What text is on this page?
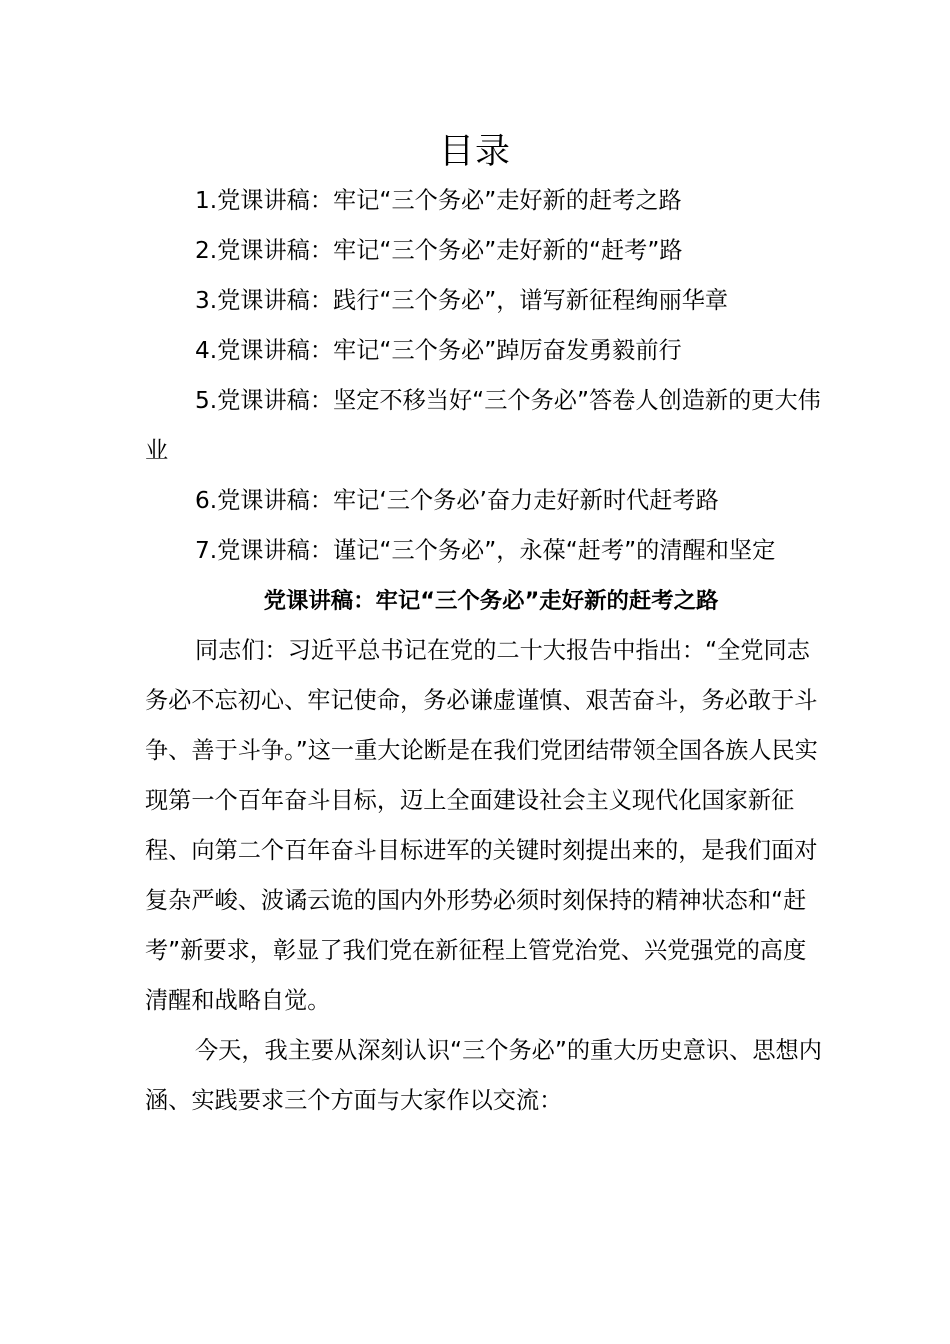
目录

1.党课讲稿：牢记“三个务必”走好新的赶考之路

2.党课讲稿：牢记“三个务必”走好新的“赶考”路

3.党课讲稿：践行“三个务必”，谱写新征程绚丽华章

4.党课讲稿：牢记“三个务必”踔厉奋发勇毅前行

5.党课讲稿：坚定不移当好“三个务必”答卷人创造新的更大伟业

6.党课讲稿：牢记‘三个务必’奋力走好新时代赶考路

7.党课讲稿：谨记“三个务必”，永葆“赶考”的清醒和坚定

党课讲稿：牢记“三个务必”走好新的赶考之路

同志们：习近平总书记在党的二十大报告中指出：“全党同志务必不忘初心、牢记使命，务必谦虚谨慎、艰苦奋斗，务必敢于斗争、善于斗争。”这一重大论断是在我们党团结带领全国各族人民实现第一个百年奋斗目标，迈上全面建设社会主义现代化国家新征程、向第二个百年奋斗目标进军的关键时刻提出来的，是我们面对复杂严峻、波谲云诡的国内外形势必须时刻保持的精神状态和“赶考”新要求，彰显了我们党在新征程上管党治党、兴党强党的高度清醒和战略自觉。

今天，我主要从深刻认识“三个务必”的重大历史意识、思想内涵、实践要求三个方面与大家作以交流：
